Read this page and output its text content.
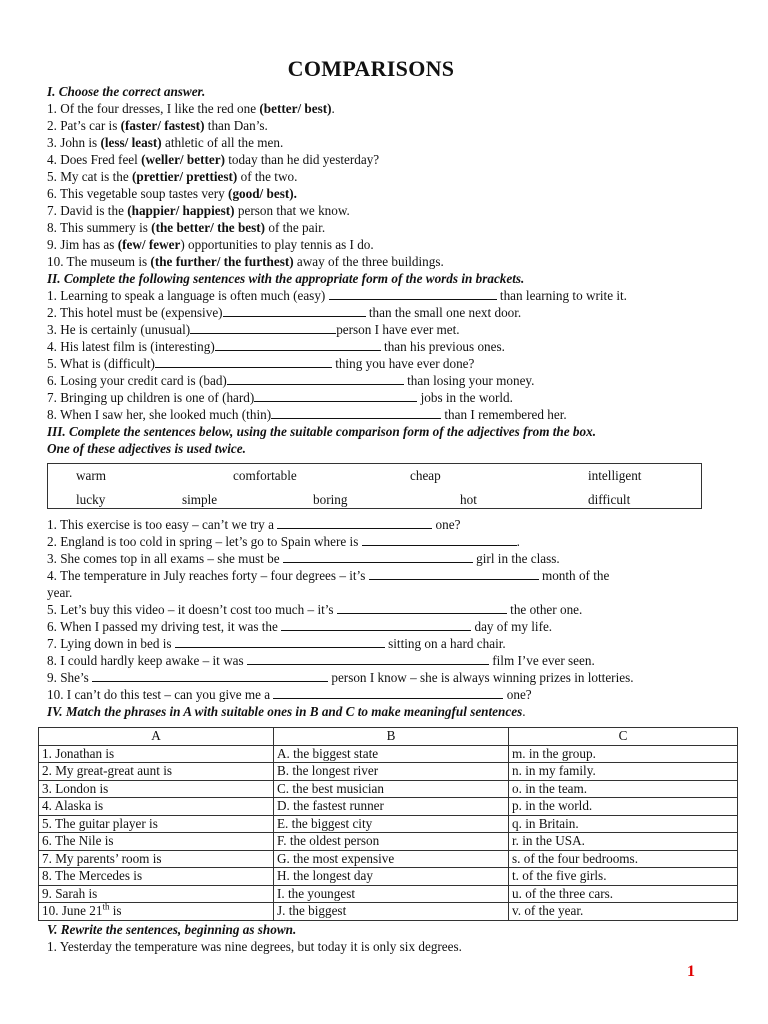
COMPARISONS
I. Choose the correct answer.
1. Of the four dresses, I like the red one (better/ best).
2. Pat’s car is (faster/ fastest) than Dan’s.
3. John is (less/ least) athletic of all the men.
4. Does Fred feel (weller/ better) today than he did yesterday?
5. My cat is the (prettier/ prettiest) of the two.
6. This vegetable soup tastes very (good/ best).
7. David is the (happier/ happiest) person that we know.
8. This summery is (the better/ the best) of the pair.
9. Jim has as (few/ fewer) opportunities to play tennis as I do.
10. The museum is (the further/ the furthest) away of the three buildings.
II. Complete the following sentences with the appropriate form of the words in brackets.
1. Learning to speak a language is often much (easy)	than learning to write it.
2. This hotel must be (expensive)	than the small one next door.
3. He is certainly (unusual)	person I have ever met.
4. His latest film is (interesting)	than his previous ones.
5. What is (difficult)	thing you have ever done?
6. Losing your credit card is (bad)	than losing your money.
7. Bringing up children is one of (hard)	jobs in the world.
8. When I saw her, she looked much (thin)	than I remembered her.
III. Complete the sentences below, using the suitable comparison form of the adjectives from the box.
One of these adjectives is used twice.
warm	comfortable	cheap	intelligent
lucky	simple	boring	hot	difficult
1. This exercise is too easy – can’t we try a	one?
2. England is too cold in spring – let’s go to Spain where is	.
3. She comes top in all exams – she must be	girl in the class.
4. The temperature in July reaches forty – four degrees – it’s	month of the
year.
5. Let’s buy this video – it doesn’t cost too much – it’s	the other one.
6. When I passed my driving test, it was the	day of my life.
7. Lying down in bed is	sitting on a hard chair.
8. I could hardly keep awake – it was	film I’ve ever seen.
9. She’s	person I know – she is always winning prizes in lotteries.
10. I can’t do this test – can you give me a	one?
IV. Match the phrases in A with suitable ones in B and C to make meaningful sentences.
A	B	C
1. Jonathan is	A. the biggest state	m. in the group.
2. My great-great aunt is	B. the longest river	n. in my family.
3. London is	C. the best musician	o. in the team.
4. Alaska is	D. the fastest runner	p. in the world.
5. The guitar player is	E. the biggest city	q. in Britain.
6. The Nile is	F. the oldest person	r. in the USA.
7. My parents’ room is	G. the most expensive	s. of the four bedrooms.
8. The Mercedes is	H. the longest day	t. of the five girls.
9. Sarah is	I. the youngest	u. of the three cars.
10. June 21th is	J. the biggest	v. of the year.
V. Rewrite the sentences, beginning as shown.
1. Yesterday the temperature was nine degrees, but today it is only six degrees.
1
